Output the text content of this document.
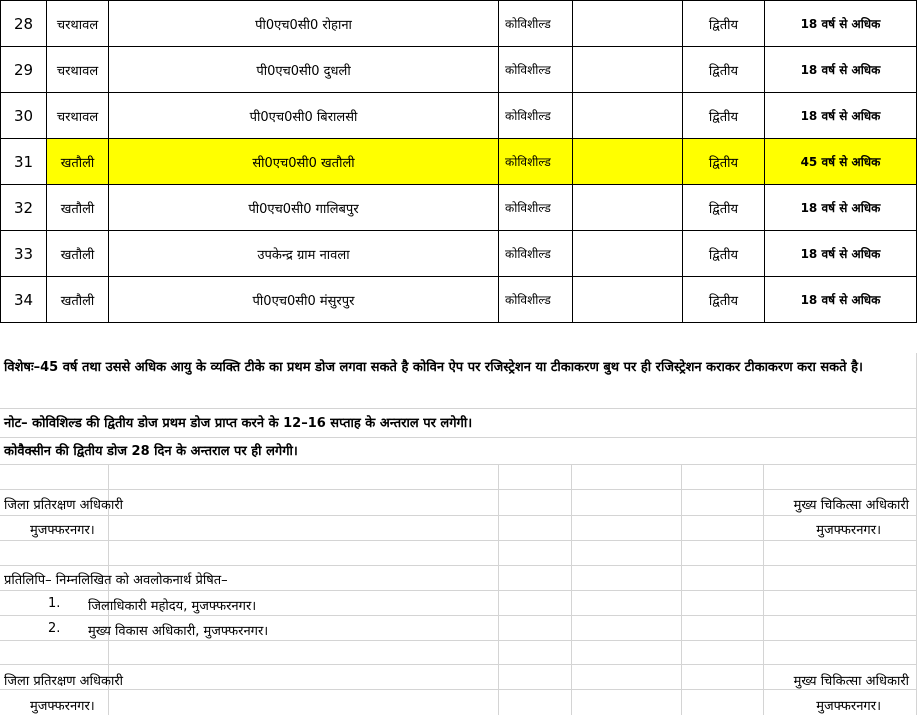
28	चरथावल	पी0एच0सी0 रोहाना	कोविशील्ड		द्वितीय	18 वर्ष से अधिक
29	चरथावल	पी0एच0सी0 दुधली	कोविशील्ड		द्वितीय	18 वर्ष से अधिक
30	चरथावल	पी0एच0सी0 बिरालसी	कोविशील्ड		द्वितीय	18 वर्ष से अधिक
31	खतौली	सी0एच0सी0 खतौली	कोविशील्ड		द्वितीय	45 वर्ष से अधिक
32	खतौली	पी0एच0सी0 गालिबपुर	कोविशील्ड		द्वितीय	18 वर्ष से अधिक
33	खतौली	उपकेन्द्र ग्राम नावला	कोविशील्ड		द्वितीय	18 वर्ष से अधिक
34	खतौली	पी0एच0सी0 मंसुरपुर	कोविशील्ड		द्वितीय	18 वर्ष से अधिक
विशेषः–45 वर्ष तथा उससे अधिक आयु के व्यक्ति टीके का प्रथम डोज लगवा सकते है कोविन ऐप पर रजिस्ट्रेशन या टीकाकरण बुथ पर ही रजिस्ट्रेशन कराकर टीकाकरण करा सकते है।
नोट– कोविशिल्ड की द्वितीय डोज प्रथम डोज प्राप्त करने के 12–16 सप्ताह के अन्तराल पर लगेगी।
कोवैक्सीन की द्वितीय डोज 28 दिन के अन्तराल पर ही लगेगी।
जिला प्रतिरक्षण अधिकारी
मुजफ्फरनगर।
मुख्य चिकित्सा अधिकारी
मुजफ्फरनगर।
प्रतिलिपि– निम्नलिखित को अवलोकनार्थ प्रेषित–
1. जिलाधिकारी महोदय, मुजफ्फरनगर।
2. मुख्य विकास अधिकारी, मुजफ्फरनगर।
जिला प्रतिरक्षण अधिकारी
मुजफ्फरनगर।
मुख्य चिकित्सा अधिकारी
मुजफ्फरनगर।
